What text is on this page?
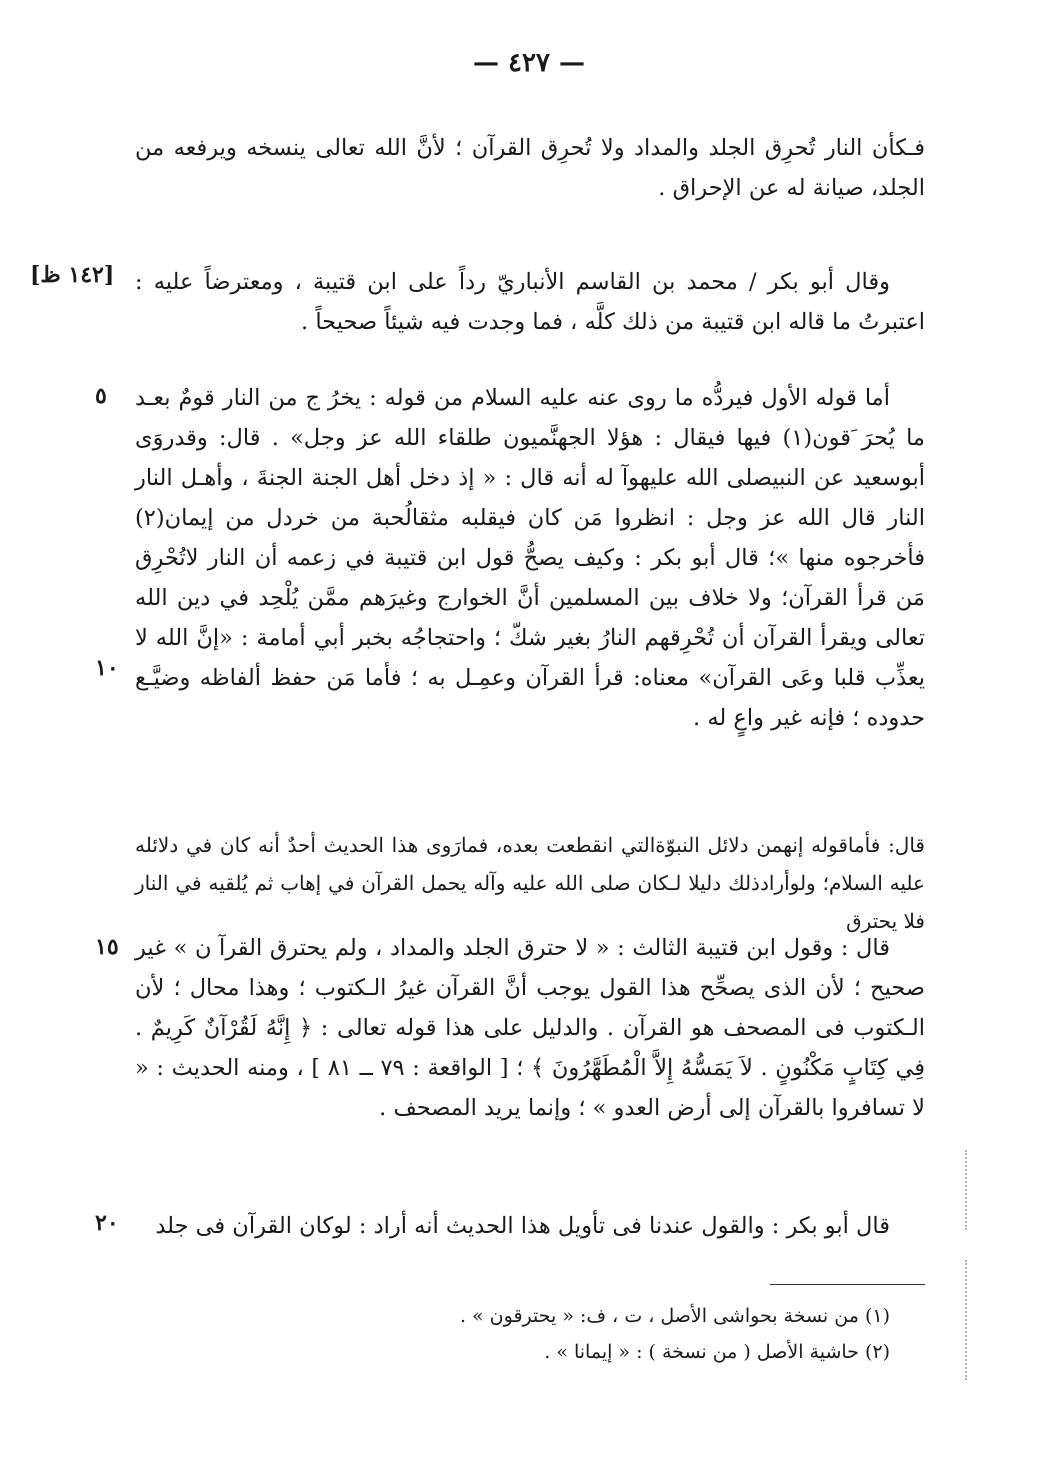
— ٤٢٧ —
[١٤٢ ظ]

فـكأن النار تُحرِق الجلد والمداد ولا تُحرِق القرآن ؛ لأنَّ الله تعالى ينسخه ويرفعه من الجلد، صيانة له عن الإحراق .

وقال أبو بكر / محمد بن القاسم الأنباريّ رداً على ابن قتيبة ، ومعترضاً عليه : اعتبرتُ ما قاله ابن قتيبة من ذلك كلَّه ، فما وجدت فيه شيئاً صحيحاً .

أما قوله الأول فيردُّه ما روى عنه عليه السلام من قوله : يخرُ ج من النار قومٌ بعـد ما يُحرَ َقون(١) فيها فيقال : هؤلا الجهنَّميون طلقاء الله عز وجل» . قال: وقدروَى أبوسعيد عن النبيصلى الله عليهوآ له أنه قال : « إذ دخل أهل الجنة الجنةَ ، وأهـل النار النار قال الله عز وجل : انظروا مَن كان فيقلبه مثقالُحبة من خردل من إيمان(٢) فأخرجوه منها »؛ قال أبو بكر : وكيف يصحُّ قول ابن قتيبة في زعمه أن النار لاتُحْرِق مَن قرأ القرآن؛ ولا خلاف بين المسلمين أنَّ الخوارج وغيرَهم ممَّن يُلْحِد في دين الله تعالى ويقرأ القرآن أن تُحْرِقهم النارُ بغير شكّ ؛ واحتجاجُه بخبر أبي أمامة : «إنَّ الله لا يعذِّب قلبا وعَى القرآن» معناه: قرأ القرآن وعمِـل به ؛ فأما مَن حفظ ألفاظه وضيَّـع حدوده ؛ فإنه غير واعٍ له .

قال: فأماقوله إنهمن دلائل النبوّةالتي انقطعت بعده، فمارَوى هذا الحديث أحدٌ أنه كان في دلائله عليه السلام؛ ولوأرادذلك دليلا لـكان صلى الله عليه وآله يحمل القرآن في إهاب ثم يُلقيه في النار فلا يحترق

قال : وقول ابن قتيبة الثالث : « لا حترق الجلد والمداد ، ولم يحترق القرآ ن » غير صحيح ؛ لأن الذى يصحِّح هذا القول يوجب أنَّ القرآن غيرُ الـكتوب ؛ وهذا محال ؛ لأن الـكتوب فى المصحف هو القرآن . والدليل على هذا قوله تعالى : ﴿ إِنَّهُ لَقُرْآنٌ كَرِيمٌ . فِي كِتَابٍ مَكْنُونٍ . لاَ يَمَسُّهُ إِلاَّ الْمُطَهَّرُونَ ﴾ ؛ [ الواقعة : ٧٩ ــ ٨١ ] ، ومنه الحديث : « لا تسافروا بالقرآن إلى أرض العدو » ؛ وإنما يريد المصحف .

قال أبو بكر : والقول عندنا فى تأويل هذا الحديث أنه أراد : لوكان القرآن فى جلد

٥
١٠
١٥
٢٠

(١) من نسخة بحواشى الأصل ، ت ، ف: « يحترقون » .

(٢) حاشية الأصل ( من نسخة ) : « إيمانا » .
